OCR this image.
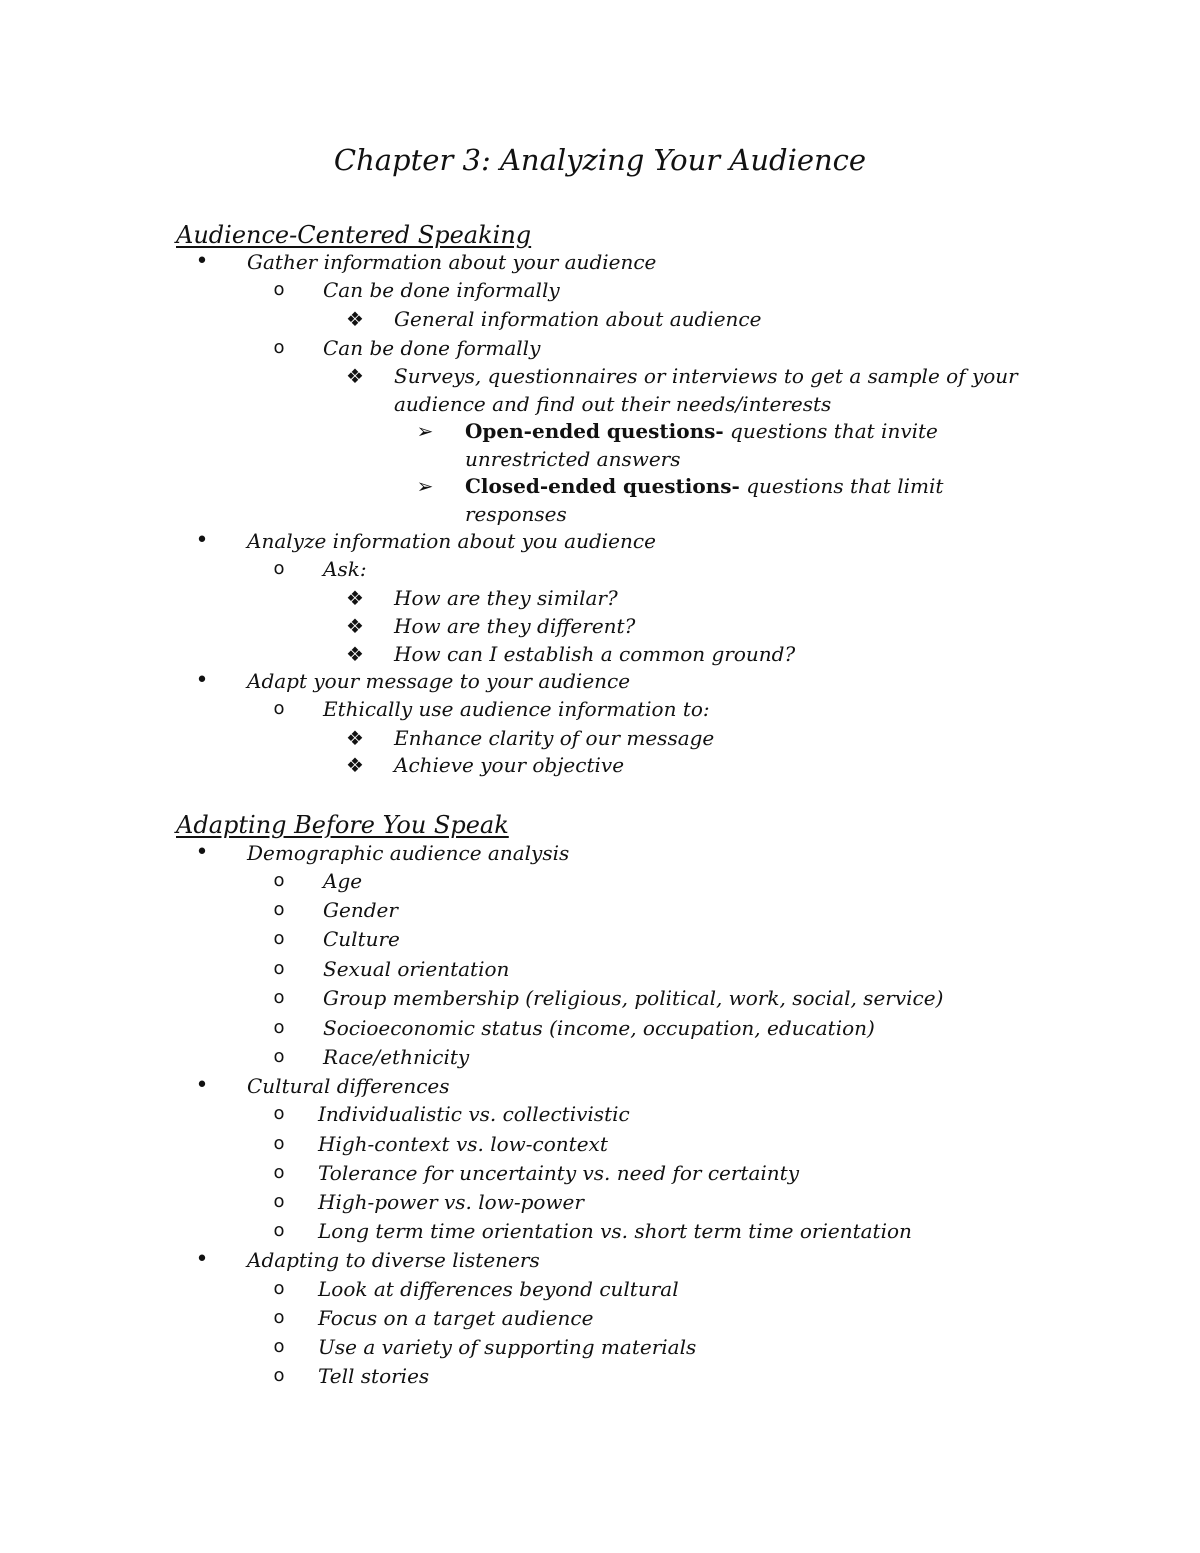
Chapter 3: Analyzing Your Audience
Audience-Centered Speaking
•	Gather information about your audience
o	Can be done informally
❖	General information about audience
o	Can be done formally
❖	Surveys, questionnaires or interviews to get a sample of your
audience and find out their needs/interests
➢	Open-ended questions- questions that invite
unrestricted answers
➢	Closed-ended questions- questions that limit
responses
•	Analyze information about you audience
o	Ask:
❖	How are they similar?
❖	How are they different?
❖	How can I establish a common ground?
•	Adapt your message to your audience
o	Ethically use audience information to:
❖	Enhance clarity of our message
❖	Achieve your objective
Adapting Before You Speak
•	Demographic audience analysis
o	Age
o	Gender
o	Culture
o	Sexual orientation
o	Group membership (religious, political, work, social, service)
o	Socioeconomic status (income, occupation, education)
o	Race/ethnicity
•	Cultural differences
o	Individualistic vs. collectivistic
o	High-context vs. low-context
o	Tolerance for uncertainty vs. need for certainty
o	High-power vs. low-power
o	Long term time orientation vs. short term time orientation
•	Adapting to diverse listeners
o	Look at differences beyond cultural
o	Focus on a target audience
o	Use a variety of supporting materials
o	Tell stories
